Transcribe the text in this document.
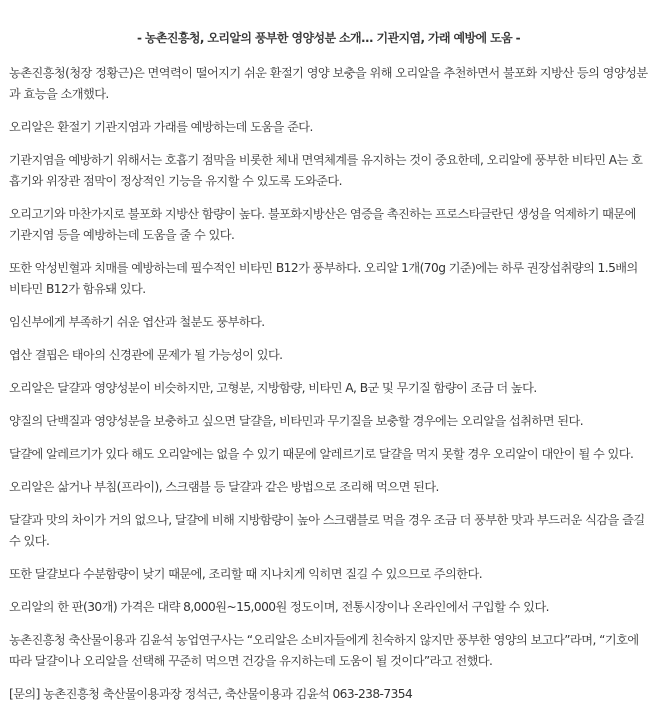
- 농촌진흥청, 오리알의 풍부한 영양성분 소개... 기관지염, 가래 예방에 도움 -

농촌진흥청(청장 정황근)은 면역력이 떨어지기 쉬운 환절기 영양 보충을 위해 오리알을 추천하면서 불포화 지방산 등의 영양성분과 효능을 소개했다.

오리알은 환절기 기관지염과 가래를 예방하는데 도움을 준다.

기관지염을 예방하기 위해서는 호흡기 점막을 비롯한 체내 면역체계를 유지하는 것이 중요한데, 오리알에 풍부한 비타민 A는 호흡기와 위장관 점막이 정상적인 기능을 유지할 수 있도록 도와준다.

오리고기와 마찬가지로 불포화 지방산 함량이 높다. 불포화지방산은 염증을 촉진하는 프로스타글란딘 생성을 억제하기 때문에 기관지염 등을 예방하는데 도움을 줄 수 있다.

또한 악성빈혈과 치매를 예방하는데 필수적인 비타민 B12가 풍부하다. 오리알 1개(70g 기준)에는 하루 권장섭취량의 1.5배의 비타민 B12가 함유돼 있다.

임신부에게 부족하기 쉬운 엽산과 철분도 풍부하다.

엽산 결핍은 태아의 신경관에 문제가 될 가능성이 있다.

오리알은 달걀과 영양성분이 비슷하지만, 고형분, 지방함량, 비타민 A, B군 및 무기질 함량이 조금 더 높다.

양질의 단백질과 영양성분을 보충하고 싶으면 달걀을, 비타민과 무기질을 보충할 경우에는 오리알을 섭취하면 된다.

달걀에 알레르기가 있다 해도 오리알에는 없을 수 있기 때문에 알레르기로 달걀을 먹지 못할 경우 오리알이 대안이 될 수 있다.

오리알은 삶거나 부침(프라이), 스크램블 등 달걀과 같은 방법으로 조리해 먹으면 된다.

달걀과 맛의 차이가 거의 없으나, 달걀에 비해 지방함량이 높아 스크램블로 먹을 경우 조금 더 풍부한 맛과 부드러운 식감을 즐길 수 있다.

또한 달걀보다 수분함량이 낮기 때문에, 조리할 때 지나치게 익히면 질길 수 있으므로 주의한다.

오리알의 한 판(30개) 가격은 대략 8,000원~15,000원 정도이며, 전통시장이나 온라인에서 구입할 수 있다.

농촌진흥청 축산물이용과 김윤석 농업연구사는 “오리알은 소비자들에게 친숙하지 않지만 풍부한 영양의 보고다”라며, “기호에 따라 달걀이나 오리알을 선택해 꾸준히 먹으면 건강을 유지하는데 도움이 될 것이다”라고 전했다.

[문의] 농촌진흥청 축산물이용과장 정석근, 축산물이용과 김윤석 063-238-7354
